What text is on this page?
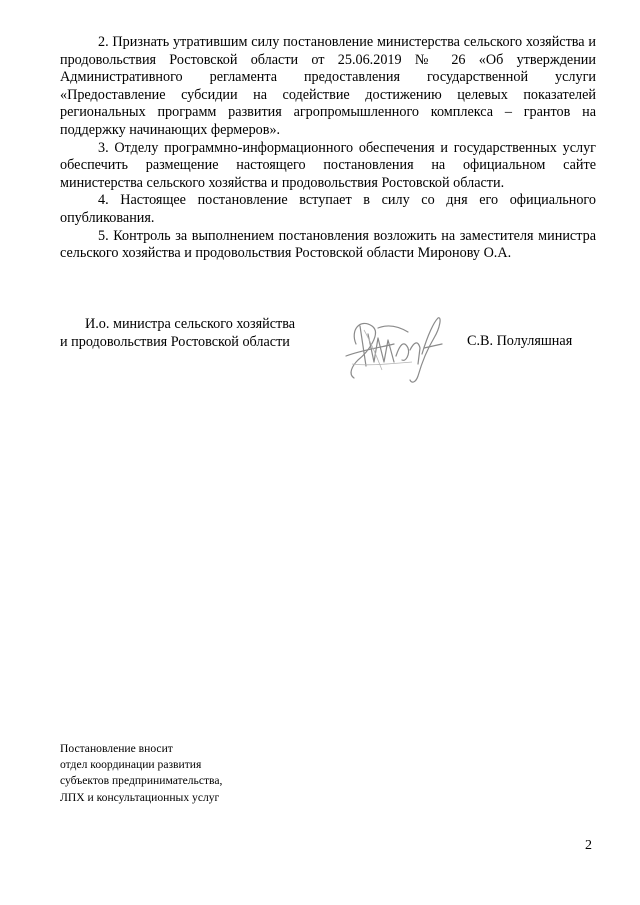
2. Признать утратившим силу постановление министерства сельского хозяйства и продовольствия Ростовской области от 25.06.2019 № 26 «Об утверждении Административного регламента предоставления государственной услуги «Предоставление субсидии на содействие достижению целевых показателей региональных программ развития агропромышленного комплекса – грантов на поддержку начинающих фермеров».

3. Отделу программно-информационного обеспечения и государственных услуг обеспечить размещение настоящего постановления на официальном сайте министерства сельского хозяйства и продовольствия Ростовской области.

4. Настоящее постановление вступает в силу со дня его официального опубликования.

5. Контроль за выполнением постановления возложить на заместителя министра сельского хозяйства и продовольствия Ростовской области Миронову О.А.

И.о. министра сельского хозяйства
и продовольствия Ростовской области	С.В. Полуляшная
Постановление вносит
отдел координации развития
субъектов предпринимательства,
ЛПХ и консультационных услуг
2
